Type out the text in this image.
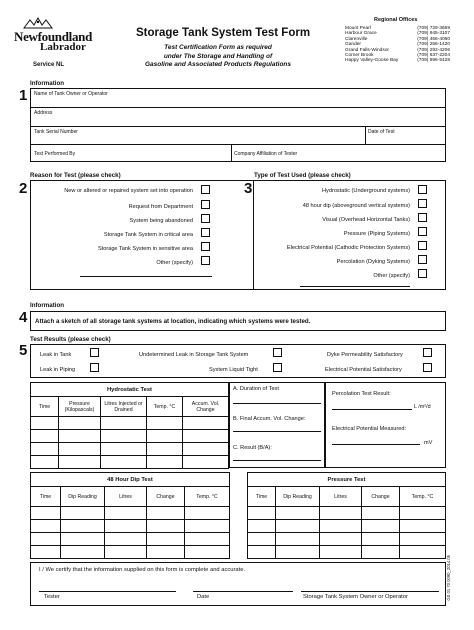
Newfoundland
Labrador
Service NL
Storage Tank System Test Form
Test Certification Form as required
under The Storage and Handling of
Gasoline and Associated Products Regulations
Regional Offices
Mount Pearl	(709) 729-3669
Harbour Grace	(709) 945-3107
Clarenville	(709) 466-4060
Gander	(709) 256-1420
Grand Falls-Windsor	(709) 292-4206
Corner Brook	(709) 637-2204
Happy Valley-Goose Bay	(709) 896-5428
Information
1 Name of Tank Owner or Operator
Address
Tank Serial Number	Date of Test
Test Performed By	Company Affiliation of Tester
Reason for Test (please check)	Type of Test Used (please check)
2	3
New or altered or repaired system set into operation
Request from Department
System being abandoned
Storage Tank System in critical area
Storage Tank System in sensitive area
Other (specify)
Hydrostatic (Underground systems)
48 hour dip (aboveground vertical systems)
Visual (Overhead Horizontal Tanks)
Pressure (Piping Systems)
Electrical Potential (Cathodic Protection Systems)
Percolation (Dyking Systems)
Other (specify)
Information
4 Attach a sketch of all storage tank systems at location, indicating which systems were tested.
Test Results (please check)
5 Leak in Tank
Leak in Piping
Undetermined Leak in Storage Tank System
System Liquid Tight
Dyke Permeability Satisfactory
Electrical Potential Satisfactory
Hydrostatic Test				
Time	Pressure (Kilopascals)	Litres Injected or Drained	Temp. °C	Accum. Vol. Change

A. Duration of Test
B. Final Accum. Vol. Change:
C. Result (B/A):
Percolation Test Result:
L /m²/d
Electrical Potential Measured:
mV
48 Hour Dip Test				
Time	Dip Reading	Litres	Change	Temp. °C

Pressure Test				
Time	Dip Reading	Litres	Change	Temp. °C

I / We certify that the information supplied on this form is complete and accurate.
Tester	Date	Storage Tank System Owner or Operator	GS 01 70 009b_2014.05
